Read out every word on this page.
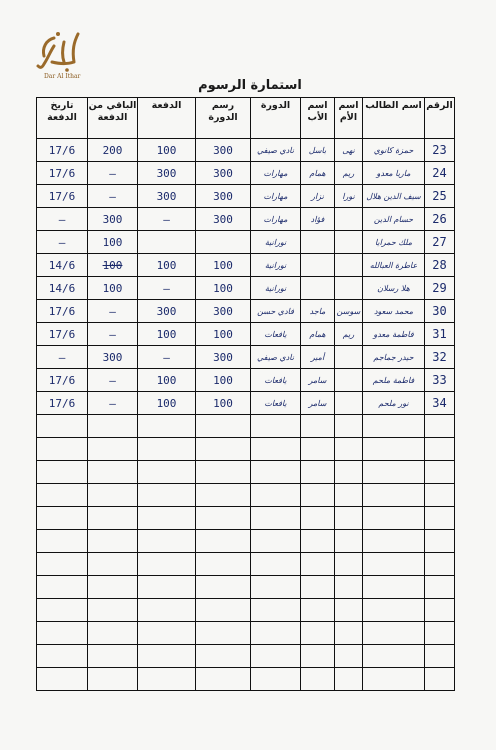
Dar Al Ithar
استمارة الرسوم
الرقم	اسم الطالب	اسم الأم	اسم الأب	الدورة	رسم الدورة	الدفعة	الباقي من الدفعة	تاريخ الدفعة
23	حمزة كانوي	نهى	باسل	نادي صيفي	300	100	200	17/6
24	ماريا معدو	ريم	همام	مهارات	300	300	—	17/6
25	سيف الدين هلال	نورا	نزار	مهارات	300	300	—	17/6
26	حسام الدين		فؤاد	مهارات	300	—	300	—
27	ملك حمرايا			نورانية			100	—
28	عاطرة العبالله			نورانية	100	100	100	14/6
29	هلا رسلان			نورانية	100	—	100	14/6
30	محمد سعود	سوسن	ماجد	فادي حسن	300	300	—	17/6
31	فاطمة معدو	ريم	همام	يافعات	100	100	—	17/6
32	حيدر جماجم		أمير	نادي صيفي	300	—	300	—
33	فاطمة ملحم		سامر	يافعات	100	100	—	17/6
34	نور ملحم		سامر	يافعات	100	100	—	17/6
